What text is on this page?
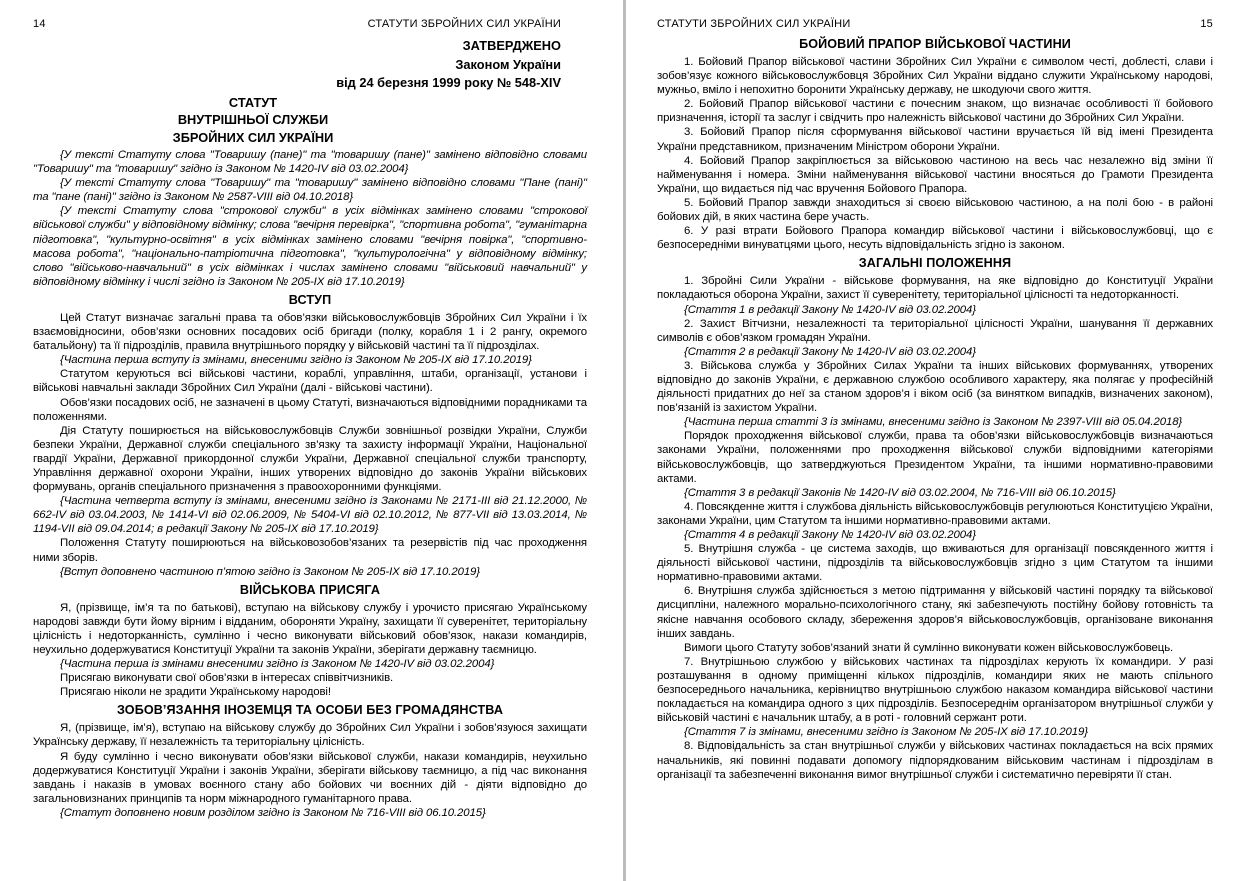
14	СТАТУТИ ЗБРОЙНИХ СИЛ УКРАЇНИ
ЗАТВЕРДЖЕНО
Законом України
від 24 березня 1999 року № 548-XIV
СТАТУТ
ВНУТРІШНЬОЇ СЛУЖБИ
ЗБРОЙНИХ СИЛ УКРАЇНИ

{У тексті Статуту слова "Товаришу (пане)" та "товаришу (пане)" замінено відповідно словами "Товаришу" та "товаришу" згідно із Законом № 1420-IV від 03.02.2004}

{У тексті Статуту слова "Товаришу" та "товаришу" замінено відповідно словами "Пане (пані)" та "пане (пані)" згідно із Законом № 2587-VIII від 04.10.2018}

{У тексті Статуту слова "строкової служби" в усіх відмінках замінено словами "строкової військової служби" у відповідному відмінку; слова "вечірня перевірка", "спортивна робота", "гуманітарна підготовка", "культурно-освітня" в усіх відмінках замінено словами "вечірня повірка", "спортивно-масова робота", "національно-патріотична підготовка", "культурологічна" у відповідному відмінку; слово "військово-навчальний" в усіх відмінках і числах замінено словами "військовий навчальний" у відповідному відмінку і числі згідно із Законом № 205-IX від 17.10.2019}

ВСТУП

Цей Статут визначає загальні права та обов’язки військовослужбовців Збройних Сил України і їх взаємовідносини, обов’язки основних посадових осіб бригади (полку, корабля 1 і 2 рангу, окремого батальйону) та її підрозділів, правила внутрішнього порядку у військовій частині та її підрозділах.

{Частина перша вступу із змінами, внесеними згідно із Законом № 205-IX від 17.10.2019}

Статутом керуються всі військові частини, кораблі, управління, штаби, організації, установи і військові навчальні заклади Збройних Сил України (далі - військові частини).

Обов’язки посадових осіб, не зазначені в цьому Статуті, визначаються відповідними порадниками та положеннями.

Дія Статуту поширюється на військовослужбовців Служби зовнішньої розвідки України, Служби безпеки України, Державної служби спеціального зв’язку та захисту інформації України, Національної гвардії України, Державної прикордонної служби України, Державної спеціальної служби транспорту, Управління державної охорони України, інших утворених відповідно до законів України військових формувань, органів спеціального призначення з правоохоронними функціями.

{Частина четверта вступу із змінами, внесеними згідно із Законами № 2171-III від 21.12.2000, № 662-IV від 03.04.2003, № 1414-VI від 02.06.2009, № 5404-VI від 02.10.2012, № 877-VII від 13.03.2014, № 1194-VII від 09.04.2014; в редакції Закону № 205-IX від 17.10.2019}

Положення Статуту поширюються на військовозобов’язаних та резервістів під час проходження ними зборів.

{Вступ доповнено частиною п’ятою згідно із Законом № 205-IX від 17.10.2019}

ВІЙСЬКОВА ПРИСЯГА

Я, (прізвище, ім’я та по батькові), вступаю на військову службу і урочисто присягаю Українському народові завжди бути йому вірним і відданим, обороняти Україну, захищати її суверенітет, територіальну цілісність і недоторканність, сумлінно і чесно виконувати військовий обов’язок, накази командирів, неухильно додержуватися Конституції України та законів України, зберігати державну таємницю.

{Частина перша із змінами внесеними згідно із Законом № 1420-IV від 03.02.2004}

Присягаю виконувати свої обов’язки в інтересах співвітчизників.

Присягаю ніколи не зрадити Українському народові!

ЗОБОВ’ЯЗАННЯ ІНОЗЕМЦЯ ТА ОСОБИ БЕЗ ГРОМАДЯНСТВА

Я, (прізвище, ім’я), вступаю на військову службу до Збройних Сил України і зобов’язуюся захищати Українську державу, її незалежність та територіальну цілісність.

Я буду сумлінно і чесно виконувати обов’язки військової служби, накази командирів, неухильно додержуватися Конституції України і законів України, зберігати військову таємницю, а під час виконання завдань і наказів в умовах воєнного стану або бойових чи воєнних дій - діяти відповідно до загальновизнаних принципів та норм міжнародного гуманітарного права.

{Статут доповнено новим розділом згідно із Законом № 716-VIII від 06.10.2015}

СТАТУТИ ЗБРОЙНИХ СИЛ УКРАЇНИ	15
БОЙОВИЙ ПРАПОР ВІЙСЬКОВОЇ ЧАСТИНИ

1. Бойовий Прапор військової частини Збройних Сил України є символом честі, доблесті, слави і зобов’язує кожного військовослужбовця Збройних Сил України віддано служити Українському народові, мужньо, вміло і непохитно боронити Українську державу, не шкодуючи свого життя.

2. Бойовий Прапор військової частини є почесним знаком, що визначає особливості її бойового призначення, історії та заслуг і свідчить про належність військової частини до Збройних Сил України.

3. Бойовий Прапор після сформування військової частини вручається їй від імені Президента України представником, призначеним Міністром оборони України.

4. Бойовий Прапор закріплюється за військовою частиною на весь час незалежно від зміни її найменування і номера. Зміни найменування військової частини вносяться до Грамоти Президента України, що видається під час вручення Бойового Прапора.

5. Бойовий Прапор завжди знаходиться зі своєю військовою частиною, а на полі бою - в районі бойових дій, в яких частина бере участь.

6. У разі втрати Бойового Прапора командир військової частини і військовослужбовці, що є безпосередніми винуватцями цього, несуть відповідальність згідно із законом.

ЗАГАЛЬНІ ПОЛОЖЕННЯ

1. Збройні Сили України - військове формування, на яке відповідно до Конституції України покладаються оборона України, захист її суверенітету, територіальної цілісності та недоторканності.

{Стаття 1 в редакції Закону № 1420-IV від 03.02.2004}

2. Захист Вітчизни, незалежності та територіальної цілісності України, шанування її державних символів є обов’язком громадян України.

{Стаття 2 в редакції Закону № 1420-IV від 03.02.2004}

3. Військова служба у Збройних Силах України та інших військових формуваннях, утворених відповідно до законів України, є державною службою особливого характеру, яка полягає у професійній діяльності придатних до неї за станом здоров’я і віком осіб (за винятком випадків, визначених законом), пов’язаній із захистом України.

{Частина перша статті 3 із змінами, внесеними згідно із Законом № 2397-VIII від 05.04.2018}

Порядок проходження військової служби, права та обов’язки військовослужбовців визначаються законами України, положеннями про проходження військової служби відповідними категоріями військовослужбовців, що затверджуються Президентом України, та іншими нормативно-правовими актами.

{Стаття 3 в редакції Законів № 1420-IV від 03.02.2004, № 716-VIII від 06.10.2015}

4. Повсякденне життя і службова діяльність військовослужбовців регулюються Конституцією України, законами України, цим Статутом та іншими нормативно-правовими актами.

{Стаття 4 в редакції Закону № 1420-IV від 03.02.2004}

5. Внутрішня служба - це система заходів, що вживаються для організації повсякденного життя і діяльності військової частини, підрозділів та військовослужбовців згідно з цим Статутом та іншими нормативно-правовими актами.

6. Внутрішня служба здійснюється з метою підтримання у військовій частині порядку та військової дисципліни, належного морально-психологічного стану, які забезпечують постійну бойову готовність та якісне навчання особового складу, збереження здоров’я військовослужбовців, організоване виконання інших завдань.

Вимоги цього Статуту зобов’язаний знати й сумлінно виконувати кожен військовослужбовець.

7. Внутрішньою службою у військових частинах та підрозділах керують їх командири. У разі розташування в одному приміщенні кількох підрозділів, командири яких не мають спільного безпосереднього начальника, керівництво внутрішньою службою наказом командира військової частини покладається на командира одного з цих підрозділів. Безпосереднім організатором внутрішньої служби у військовій частині є начальник штабу, а в роті - головний сержант роти.

{Стаття 7 із змінами, внесеними згідно із Законом № 205-IX від 17.10.2019}

8. Відповідальність за стан внутрішньої служби у військових частинах покладається на всіх прямих начальників, які повинні подавати допомогу підпорядкованим військовим частинам і підрозділам в організації та забезпеченні виконання вимог внутрішньої служби і систематично перевіряти її стан.
